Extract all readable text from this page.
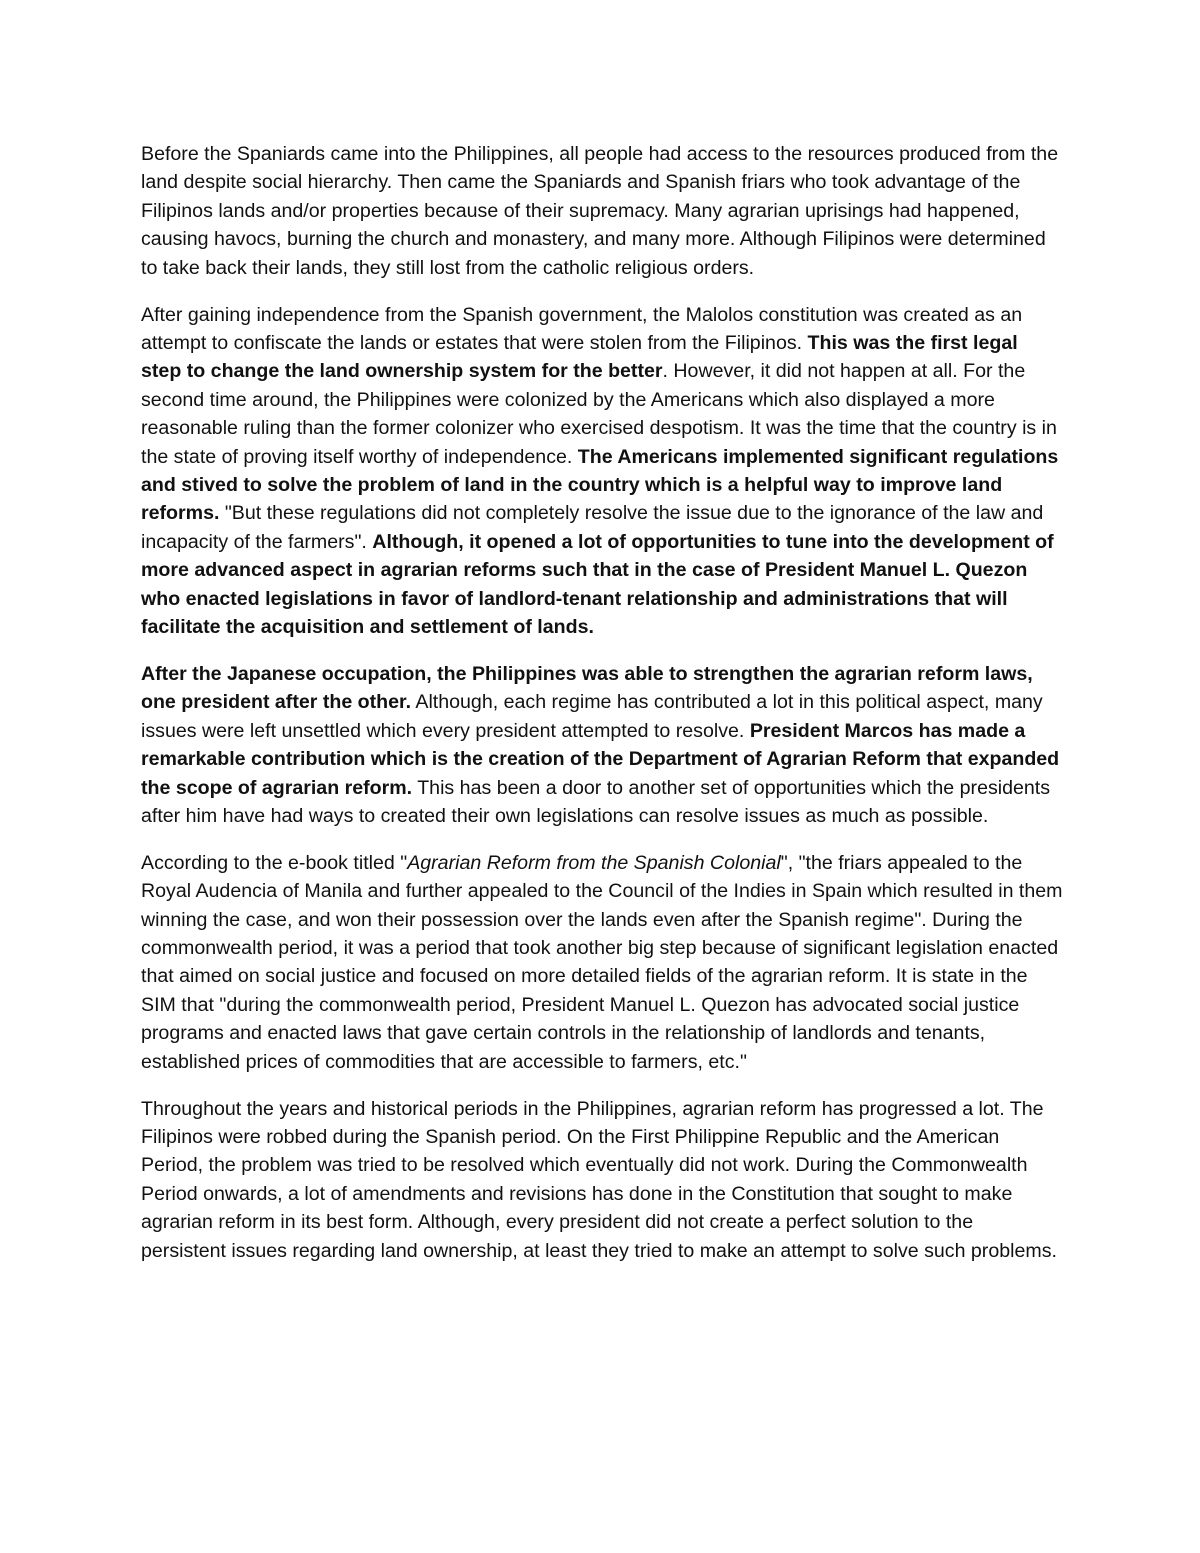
Before the Spaniards came into the Philippines, all people had access to the resources produced from the land despite social hierarchy. Then came the Spaniards and Spanish friars who took advantage of the Filipinos lands and/or properties because of their supremacy. Many agrarian uprisings had happened, causing havocs, burning the church and monastery, and many more. Although Filipinos were determined to take back their lands, they still lost from the catholic religious orders.

After gaining independence from the Spanish government, the Malolos constitution was created as an attempt to confiscate the lands or estates that were stolen from the Filipinos. This was the first legal step to change the land ownership system for the better. However, it did not happen at all. For the second time around, the Philippines were colonized by the Americans which also displayed a more reasonable ruling than the former colonizer who exercised despotism. It was the time that the country is in the state of proving itself worthy of independence. The Americans implemented significant regulations and stived to solve the problem of land in the country which is a helpful way to improve land reforms. "But these regulations did not completely resolve the issue due to the ignorance of the law and incapacity of the farmers". Although, it opened a lot of opportunities to tune into the development of more advanced aspect in agrarian reforms such that in the case of President Manuel L. Quezon who enacted legislations in favor of landlord-tenant relationship and administrations that will facilitate the acquisition and settlement of lands.

After the Japanese occupation, the Philippines was able to strengthen the agrarian reform laws, one president after the other. Although, each regime has contributed a lot in this political aspect, many issues were left unsettled which every president attempted to resolve. President Marcos has made a remarkable contribution which is the creation of the Department of Agrarian Reform that expanded the scope of agrarian reform. This has been a door to another set of opportunities which the presidents after him have had ways to created their own legislations can resolve issues as much as possible.

According to the e-book titled "Agrarian Reform from the Spanish Colonial", "the friars appealed to the Royal Audencia of Manila and further appealed to the Council of the Indies in Spain which resulted in them winning the case, and won their possession over the lands even after the Spanish regime". During the commonwealth period, it was a period that took another big step because of significant legislation enacted that aimed on social justice and focused on more detailed fields of the agrarian reform. It is state in the SIM that "during the commonwealth period, President Manuel L. Quezon has advocated social justice programs and enacted laws that gave certain controls in the relationship of landlords and tenants, established prices of commodities that are accessible to farmers, etc."

Throughout the years and historical periods in the Philippines, agrarian reform has progressed a lot. The Filipinos were robbed during the Spanish period. On the First Philippine Republic and the American Period, the problem was tried to be resolved which eventually did not work. During the Commonwealth Period onwards, a lot of amendments and revisions has done in the Constitution that sought to make agrarian reform in its best form. Although, every president did not create a perfect solution to the persistent issues regarding land ownership, at least they tried to make an attempt to solve such problems.
